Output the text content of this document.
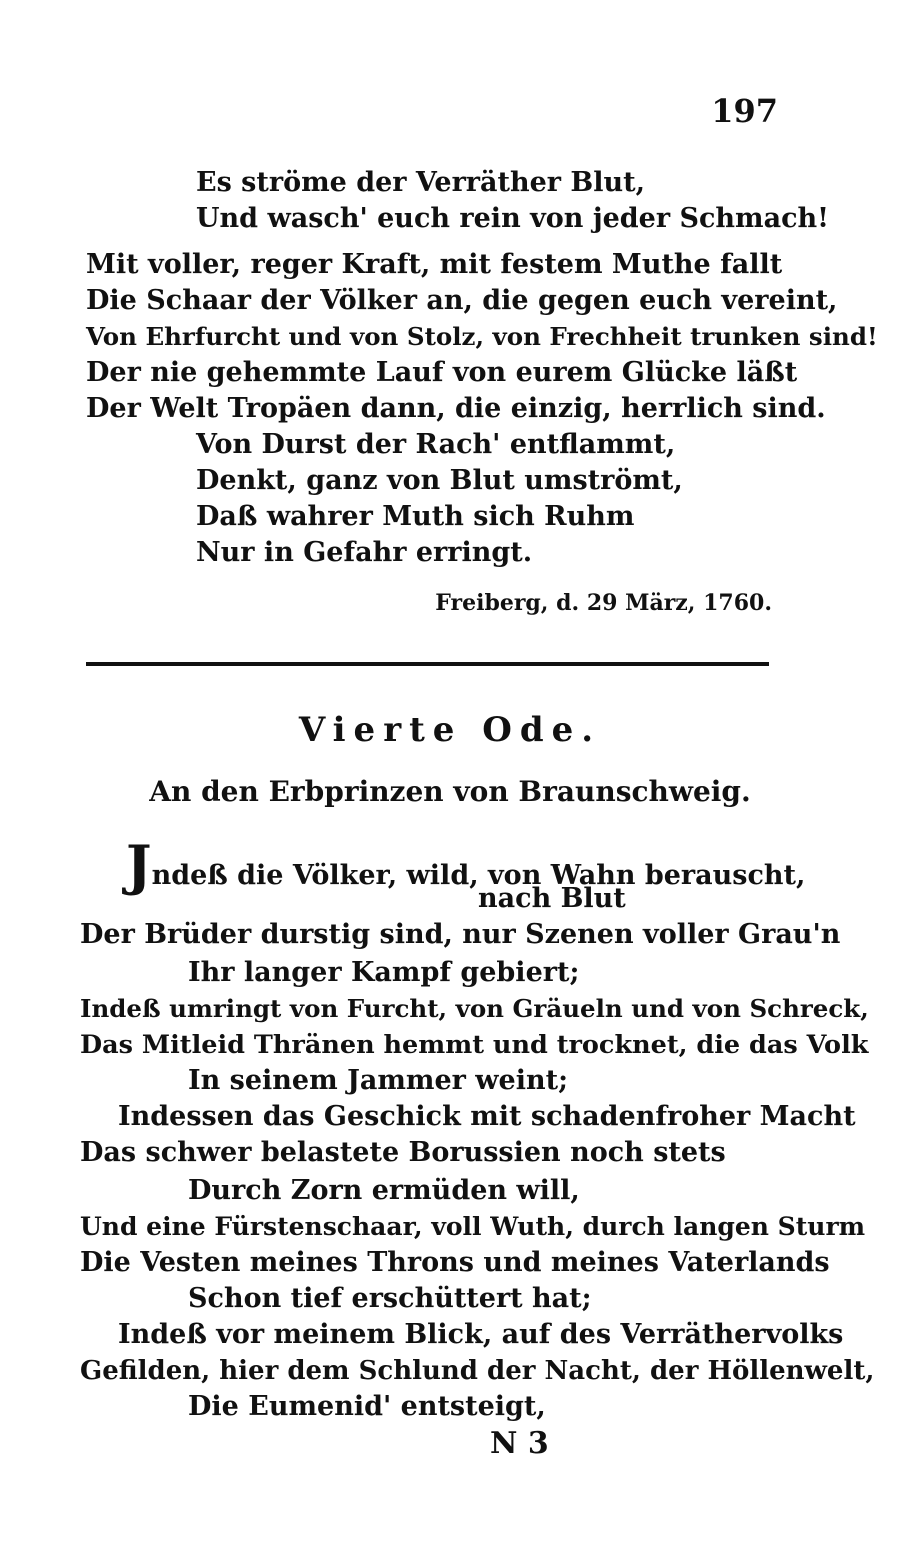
197
Es ströme der Verräther Blut,
Und wasch' euch rein von jeder Schmach!
Mit voller, reger Kraft, mit festem Muthe fallt
Die Schaar der Völker an, die gegen euch vereint,
Von Ehrfurcht und von Stolz, von Frechheit trunken sind!
Der nie gehemmte Lauf von eurem Glücke läßt
Der Welt Tropäen dann, die einzig, herrlich sind.
Von Durst der Rach' entflammt,
Denkt, ganz von Blut umströmt,
Daß wahrer Muth sich Ruhm
Nur in Gefahr erringt.
Freiberg, d. 29 März, 1760.
Vierte Ode.
An den Erbprinzen von Braunschweig.
Jndeß die Völker, wild, von Wahn berauscht,
nach Blut
Der Brüder durstig sind, nur Szenen voller Grau'n
Ihr langer Kampf gebiert;
Indeß umringt von Furcht, von Gräueln und von Schreck,
Das Mitleid Thränen hemmt und trocknet, die das Volk
In seinem Jammer weint;
Indessen das Geschick mit schadenfroher Macht
Das schwer belastete Borussien noch stets
Durch Zorn ermüden will,
Und eine Fürstenschaar, voll Wuth, durch langen Sturm
Die Vesten meines Throns und meines Vaterlands
Schon tief erschüttert hat;
Indeß vor meinem Blick, auf des Verräthervolks
Gefilden, hier dem Schlund der Nacht, der Höllenwelt,
Die Eumenid' entsteigt,
N 3
